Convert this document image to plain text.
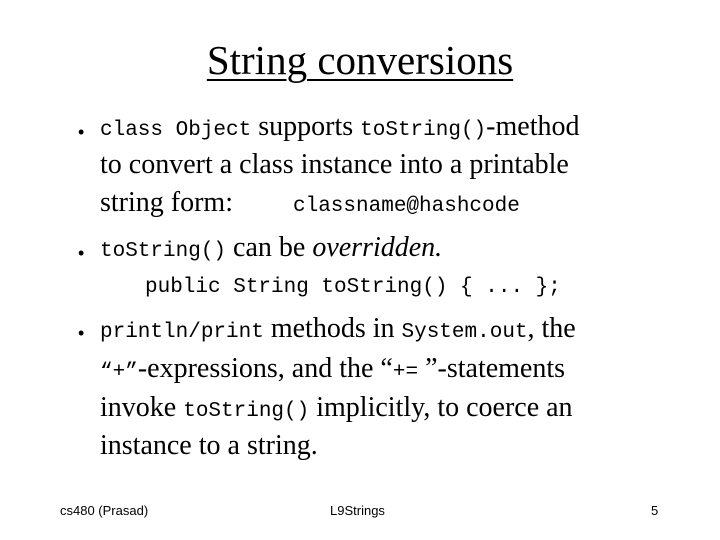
String conversions
• class Object supports toString()-method
to convert a class instance into a printable
string form:	classname@hashcode
• toString() can be overridden.
public String toString() { ... };
• println/print methods in System.out, the
“+”-expressions, and the “+= ”-statements
invoke toString() implicitly, to coerce an
instance to a string.
cs480 (Prasad)	L9Strings	5
